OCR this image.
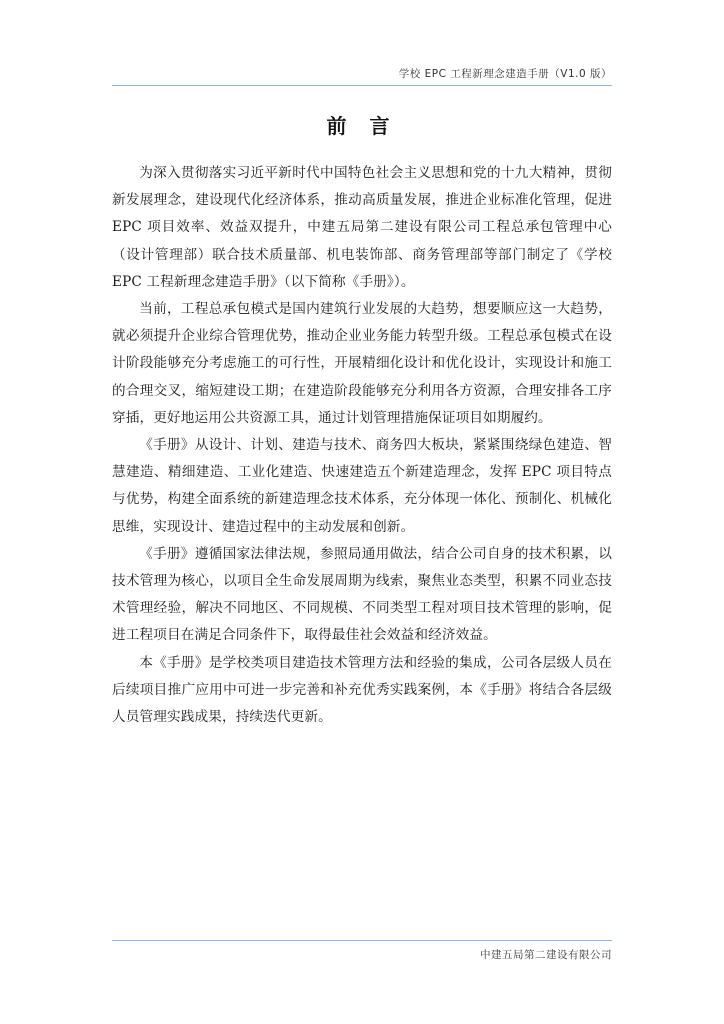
学校 EPC 工程新理念建造手册（V1.0 版）
前 言

为深入贯彻落实习近平新时代中国特色社会主义思想和党的十九大精神，贯彻新发展理念，建设现代化经济体系，推动高质量发展，推进企业标准化管理，促进 EPC 项目效率、效益双提升，中建五局第二建设有限公司工程总承包管理中心（设计管理部）联合技术质量部、机电装饰部、商务管理部等部门制定了《学校 EPC 工程新理念建造手册》（以下简称《手册》）。

当前，工程总承包模式是国内建筑行业发展的大趋势，想要顺应这一大趋势，就必须提升企业综合管理优势，推动企业业务能力转型升级。工程总承包模式在设计阶段能够充分考虑施工的可行性，开展精细化设计和优化设计，实现设计和施工的合理交叉，缩短建设工期；在建造阶段能够充分利用各方资源，合理安排各工序穿插，更好地运用公共资源工具，通过计划管理措施保证项目如期履约。

《手册》从设计、计划、建造与技术、商务四大板块，紧紧围绕绿色建造、智慧建造、精细建造、工业化建造、快速建造五个新建造理念，发挥 EPC 项目特点与优势，构建全面系统的新建造理念技术体系，充分体现一体化、预制化、机械化思维，实现设计、建造过程中的主动发展和创新。

《手册》遵循国家法律法规，参照局通用做法，结合公司自身的技术积累，以技术管理为核心，以项目全生命发展周期为线索，聚焦业态类型，积累不同业态技术管理经验，解决不同地区、不同规模、不同类型工程对项目技术管理的影响，促进工程项目在满足合同条件下，取得最佳社会效益和经济效益。

本《手册》是学校类项目建造技术管理方法和经验的集成，公司各层级人员在后续项目推广应用中可进一步完善和补充优秀实践案例，本《手册》将结合各层级人员管理实践成果，持续迭代更新。

中建五局第二建设有限公司
